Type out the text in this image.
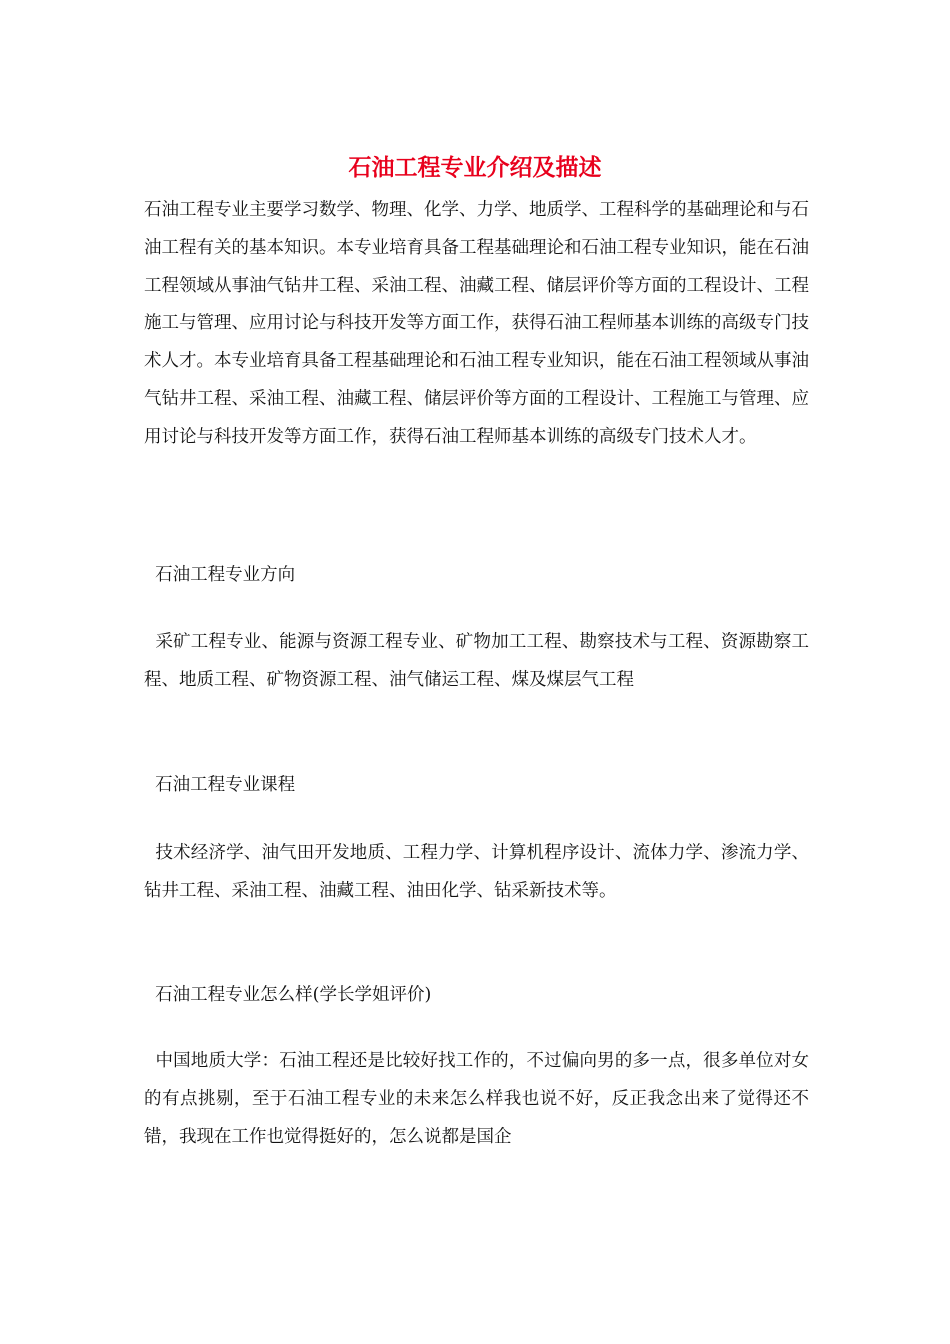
石油工程专业介绍及描述

石油工程专业主要学习数学、物理、化学、力学、地质学、工程科学的基础理论和与石油工程有关的基本知识。本专业培育具备工程基础理论和石油工程专业知识，能在石油工程领域从事油气钻井工程、采油工程、油藏工程、储层评价等方面的工程设计、工程施工与管理、应用讨论与科技开发等方面工作，获得石油工程师基本训练的高级专门技术人才。本专业培育具备工程基础理论和石油工程专业知识，能在石油工程领域从事油气钻井工程、采油工程、油藏工程、储层评价等方面的工程设计、工程施工与管理、应用讨论与科技开发等方面工作，获得石油工程师基本训练的高级专门技术人才。

石油工程专业方向

采矿工程专业、能源与资源工程专业、矿物加工工程、勘察技术与工程、资源勘察工程、地质工程、矿物资源工程、油气储运工程、煤及煤层气工程

石油工程专业课程

技术经济学、油气田开发地质、工程力学、计算机程序设计、流体力学、渗流力学、钻井工程、采油工程、油藏工程、油田化学、钻采新技术等。

石油工程专业怎么样(学长学姐评价)

中国地质大学：石油工程还是比较好找工作的，不过偏向男的多一点，很多单位对女的有点挑剔，至于石油工程专业的未来怎么样我也说不好，反正我念出来了觉得还不错，我现在工作也觉得挺好的，怎么说都是国企
